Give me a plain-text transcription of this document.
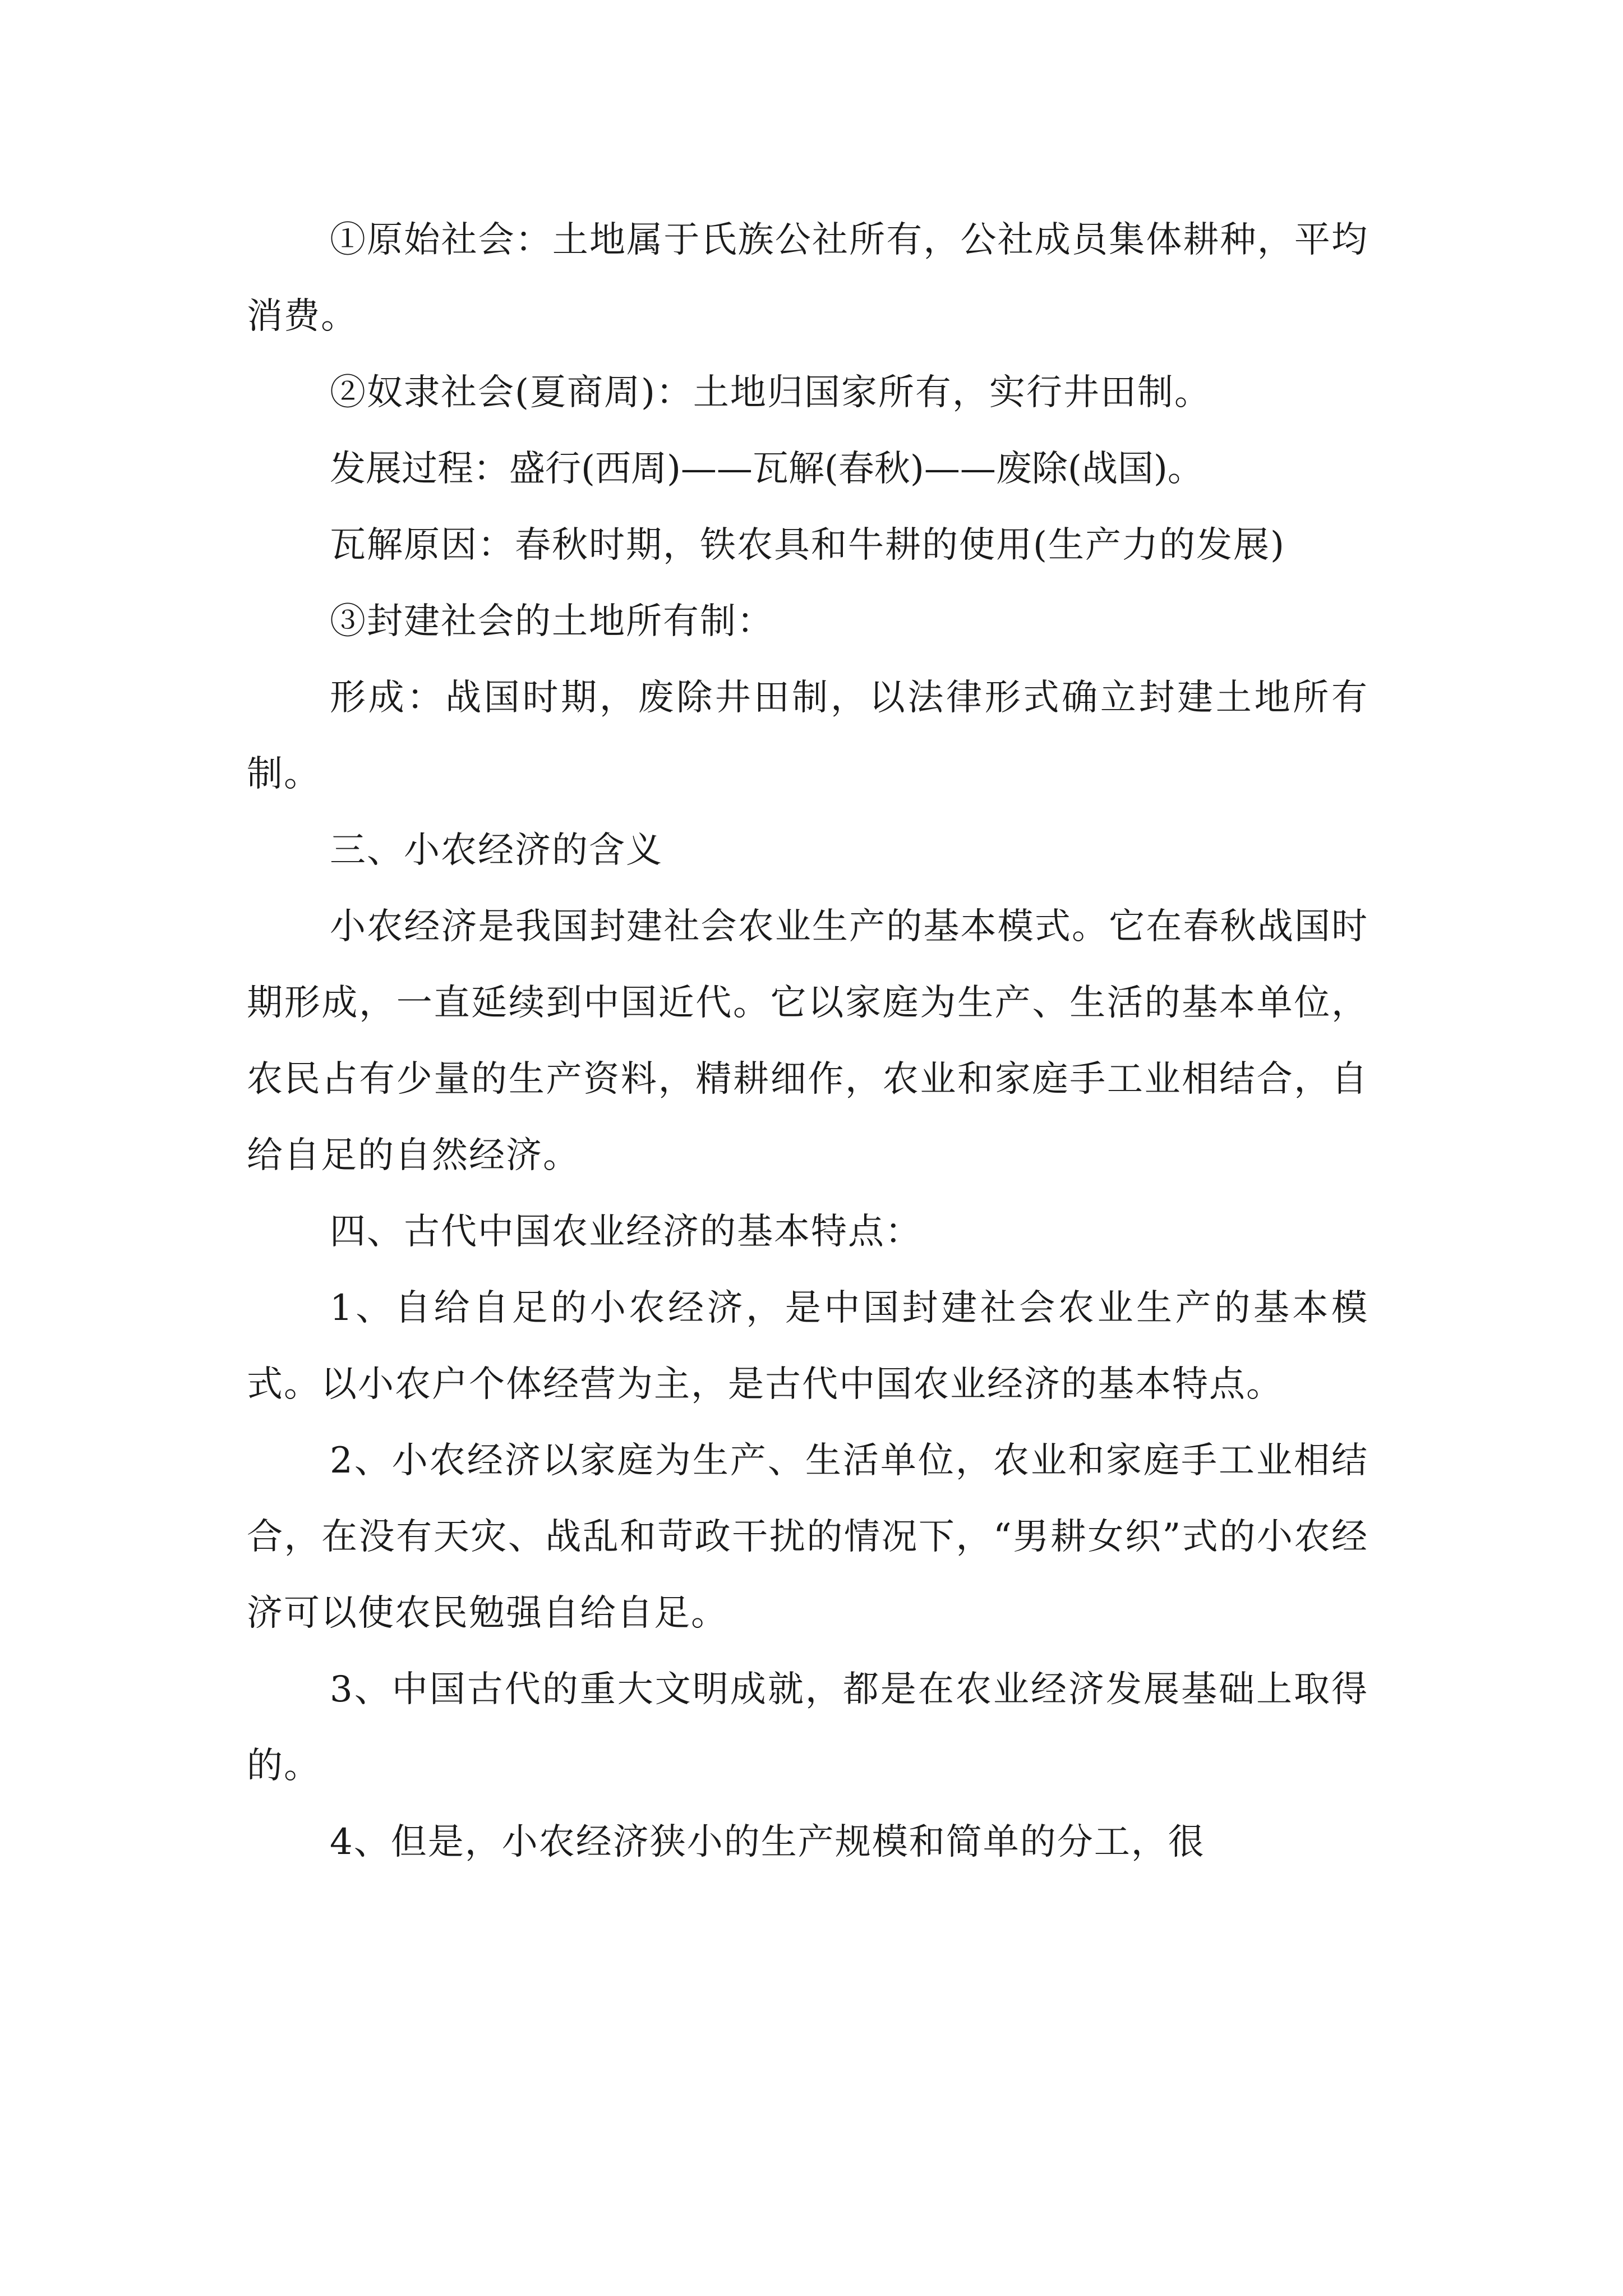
①原始社会：土地属于氏族公社所有，公社成员集体耕种，平均消费。

②奴隶社会(夏商周)：土地归国家所有，实行井田制。

发展过程：盛行(西周)——瓦解(春秋)——废除(战国)。

瓦解原因：春秋时期，铁农具和牛耕的使用(生产力的发展)

③封建社会的土地所有制：

形成：战国时期，废除井田制，以法律形式确立封建土地所有制。

三、小农经济的含义

小农经济是我国封建社会农业生产的基本模式。它在春秋战国时期形成，一直延续到中国近代。它以家庭为生产、生活的基本单位，农民占有少量的生产资料，精耕细作，农业和家庭手工业相结合，自给自足的自然经济。

四、古代中国农业经济的基本特点：

1、自给自足的小农经济，是中国封建社会农业生产的基本模式。以小农户个体经营为主，是古代中国农业经济的基本特点。

2、小农经济以家庭为生产、生活单位，农业和家庭手工业相结合，在没有天灾、战乱和苛政干扰的情况下，“男耕女织”式的小农经济可以使农民勉强自给自足。

3、中国古代的重大文明成就，都是在农业经济发展基础上取得的。

4、但是，小农经济狭小的生产规模和简单的分工，很
